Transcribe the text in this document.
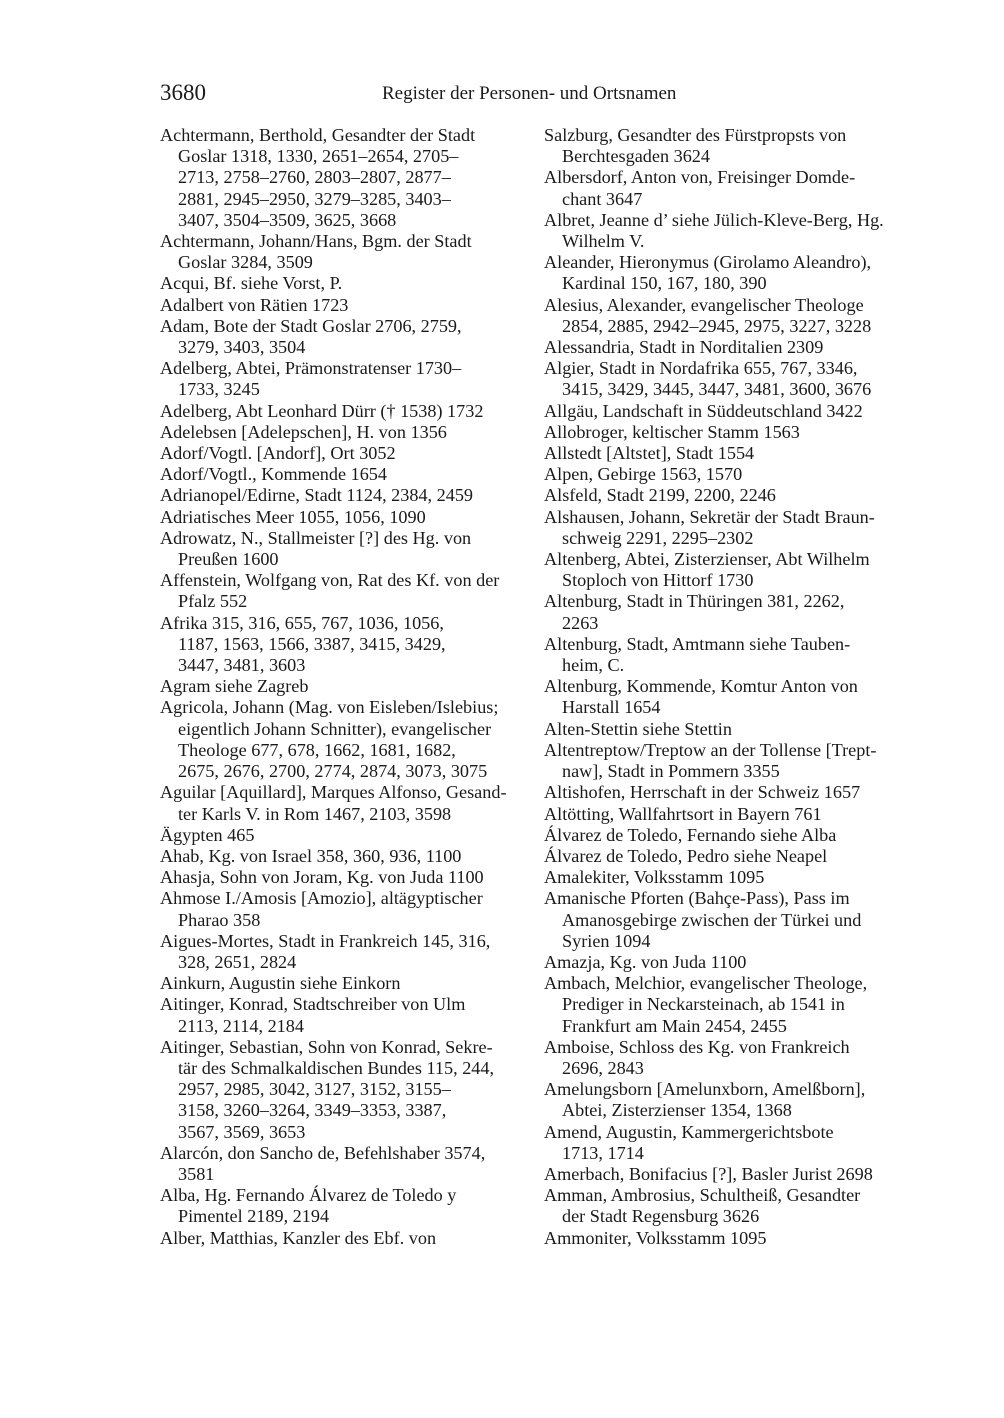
3680	Register der Personen- und Ortsnamen
Achtermann, Berthold, Gesandter der Stadt
Goslar 1318, 1330, 2651–2654, 2705–
2713, 2758–2760, 2803–2807, 2877–
2881, 2945–2950, 3279–3285, 3403–
3407, 3504–3509, 3625, 3668
Achtermann, Johann/Hans, Bgm. der Stadt
Goslar 3284, 3509
Acqui, Bf. siehe Vorst, P.
Adalbert von Rätien 1723
Adam, Bote der Stadt Goslar 2706, 2759,
3279, 3403, 3504
Adelberg, Abtei, Prämonstratenser 1730–
1733, 3245
Adelberg, Abt Leonhard Dürr († 1538) 1732
Adelebsen [Adelepschen], H. von 1356
Adorf/Vogtl. [Andorf], Ort 3052
Adorf/Vogtl., Kommende 1654
Adrianopel/Edirne, Stadt 1124, 2384, 2459
Adriatisches Meer 1055, 1056, 1090
Adrowatz, N., Stallmeister [?] des Hg. von
Preußen 1600
Affenstein, Wolfgang von, Rat des Kf. von der
Pfalz 552
Afrika 315, 316, 655, 767, 1036, 1056,
1187, 1563, 1566, 3387, 3415, 3429,
3447, 3481, 3603
Agram siehe Zagreb
Agricola, Johann (Mag. von Eisleben/Islebius;
eigentlich Johann Schnitter), evangelischer
Theologe 677, 678, 1662, 1681, 1682,
2675, 2676, 2700, 2774, 2874, 3073, 3075
Aguilar [Aquillard], Marques Alfonso, Gesand-
ter Karls V. in Rom 1467, 2103, 3598
Ägypten 465
Ahab, Kg. von Israel 358, 360, 936, 1100
Ahasja, Sohn von Joram, Kg. von Juda 1100
Ahmose I./Amosis [Amozio], altägyptischer
Pharao 358
Aigues-Mortes, Stadt in Frankreich 145, 316,
328, 2651, 2824
Ainkurn, Augustin siehe Einkorn
Aitinger, Konrad, Stadtschreiber von Ulm
2113, 2114, 2184
Aitinger, Sebastian, Sohn von Konrad, Sekre-
tär des Schmalkaldischen Bundes 115, 244,
2957, 2985, 3042, 3127, 3152, 3155–
3158, 3260–3264, 3349–3353, 3387,
3567, 3569, 3653
Alarcón, don Sancho de, Befehlshaber 3574,
3581
Alba, Hg. Fernando Álvarez de Toledo y
Pimentel 2189, 2194
Alber, Matthias, Kanzler des Ebf. von
Salzburg, Gesandter des Fürstpropsts von
Berchtesgaden 3624
Albersdorf, Anton von, Freisinger Domde-
chant 3647
Albret, Jeanne d’ siehe Jülich-Kleve-Berg, Hg.
Wilhelm V.
Aleander, Hieronymus (Girolamo Aleandro),
Kardinal 150, 167, 180, 390
Alesius, Alexander, evangelischer Theologe
2854, 2885, 2942–2945, 2975, 3227, 3228
Alessandria, Stadt in Norditalien 2309
Algier, Stadt in Nordafrika 655, 767, 3346,
3415, 3429, 3445, 3447, 3481, 3600, 3676
Allgäu, Landschaft in Süddeutschland 3422
Allobroger, keltischer Stamm 1563
Allstedt [Altstet], Stadt 1554
Alpen, Gebirge 1563, 1570
Alsfeld, Stadt 2199, 2200, 2246
Alshausen, Johann, Sekretär der Stadt Braun-
schweig 2291, 2295–2302
Altenberg, Abtei, Zisterzienser, Abt Wilhelm
Stoploch von Hittorf 1730
Altenburg, Stadt in Thüringen 381, 2262,
2263
Altenburg, Stadt, Amtmann siehe Tauben-
heim, C.
Altenburg, Kommende, Komtur Anton von
Harstall 1654
Alten-Stettin siehe Stettin
Altentreptow/Treptow an der Tollense [Trept-
naw], Stadt in Pommern 3355
Altishofen, Herrschaft in der Schweiz 1657
Altötting, Wallfahrtsort in Bayern 761
Álvarez de Toledo, Fernando siehe Alba
Álvarez de Toledo, Pedro siehe Neapel
Amalekiter, Volksstamm 1095
Amanische Pforten (Bahçe-Pass), Pass im
Amanosgebirge zwischen der Türkei und
Syrien 1094
Amazja, Kg. von Juda 1100
Ambach, Melchior, evangelischer Theologe,
Prediger in Neckarsteinach, ab 1541 in
Frankfurt am Main 2454, 2455
Amboise, Schloss des Kg. von Frankreich
2696, 2843
Amelungsborn [Amelunxborn, Amelßborn],
Abtei, Zisterzienser 1354, 1368
Amend, Augustin, Kammergerichtsbote
1713, 1714
Amerbach, Bonifacius [?], Basler Jurist 2698
Amman, Ambrosius, Schultheiß, Gesandter
der Stadt Regensburg 3626
Ammoniter, Volksstamm 1095
